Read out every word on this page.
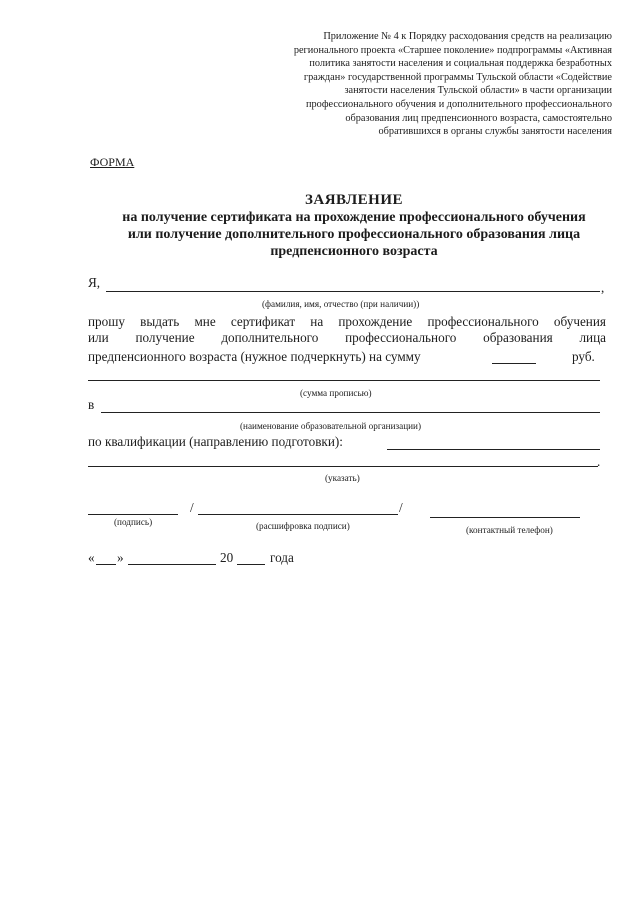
Приложение № 4 к Порядку расходования средств на реализацию
регионального проекта «Старшее поколение» подпрограммы «Активная
политика занятости населения и социальная поддержка безработных
граждан» государственной программы Тульской области «Содействие
занятости населения Тульской области» в части организации
профессионального обучения и дополнительного профессионального
образования лиц предпенсионного возраста, самостоятельно
обратившихся в органы службы занятости населения
ФОРМА
ЗАЯВЛЕНИЕ
на получение сертификата на прохождение профессионального обучения
или получение дополнительного профессионального образования лица
предпенсионного возраста
Я,	,
(фамилия, имя, отчество (при наличии))
прошу выдать мне сертификат на прохождение профессионального обучения
или получение дополнительного профессионального образования лица
предпенсионного возраста (нужное подчеркнуть) на сумму	руб.
(сумма прописью)
в
(наименование образовательной организации)
по квалификации (направлению подготовки):
.
(указать)
/	/
(подпись)	(расшифровка подписи)	(контактный телефон)
« »	20	года
